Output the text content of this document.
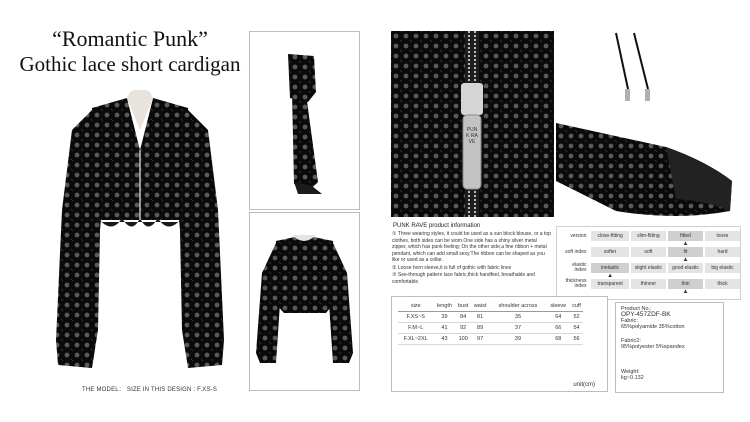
“Romantic Punk”
Gothic lace short cardigan
THE MODEL： SIZE IN THIS DESIGN : F.XS-S
PUNK RAVE
PUNK RAVE product information
① Three wearing styles, it could be used as a sun block blouse, or a top clothes, both sides can be worn.One side has a shiny silver metal zipper, which has punk feeling; On the other side,a fine ribbon + metal pendant, which can add small sexy.The ribbon can be shaped as you like or used as a collar.
② Loose horn sleeve,it is full of gothic with fabric lines
③ See-through pattern lace fabric,thick handfeel, breathable and comfortable
version	close-fitting	slim-fitting	fitted	loose
			▲	
soft index	softer	soft	fit	hard
			▲	
elastic index	inelastic	slight elastic	good elastic	big elastic
	▲			
thickness index	transparent	thinner	thin	thick
			▲	
size	length	bust	waist	shoulder across	sleeve	cuff
F.XS~S	39	84	81	35	64	52
F.M~L	41	92	89	37	66	54
F.XL~2XL	43	100	97	39	68	56
unit(cm)
Product No.:
OPY-457ZDF-BK
Fabric:
65%polyamide 35%cotton
Fabric2:
95%polyester 5%spandex
Weight:
kg~0.132
